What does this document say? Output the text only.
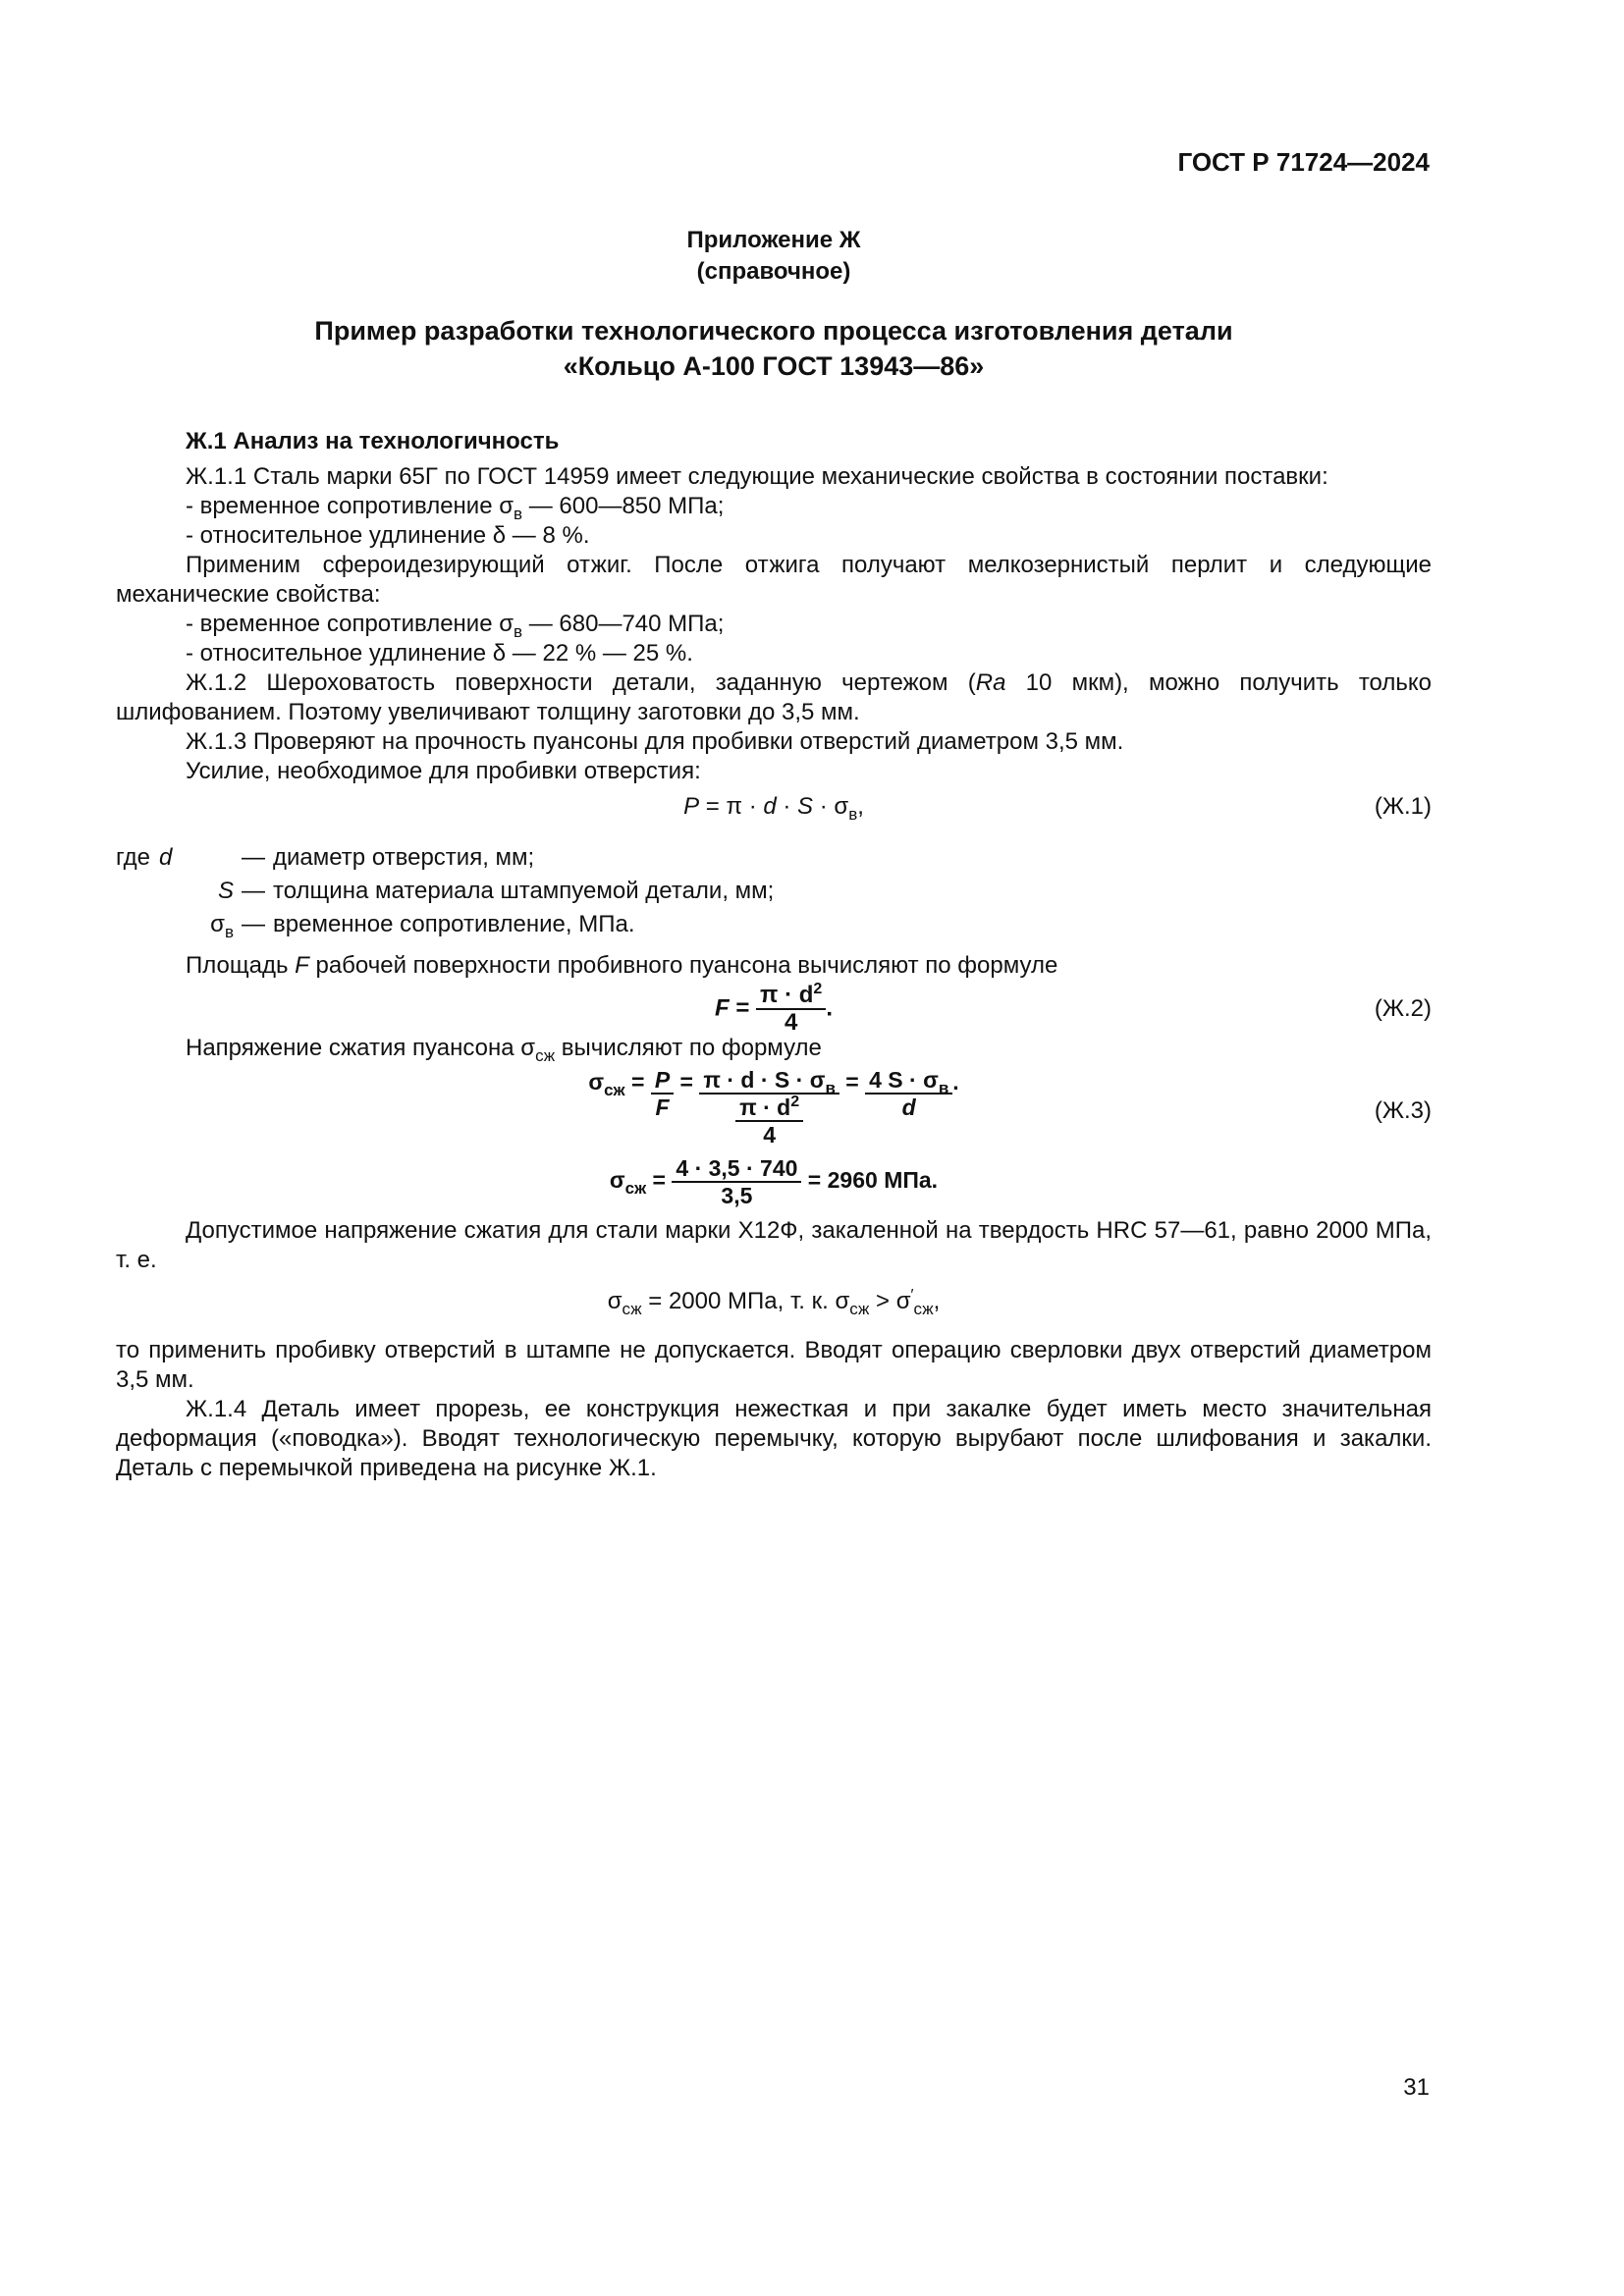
ГОСТ Р 71724—2024
Приложение Ж
(справочное)
Пример разработки технологического процесса изготовления детали
«Кольцо А-100 ГОСТ 13943—86»

Ж.1 Анализ на технологичность

Ж.1.1 Сталь марки 65Г по ГОСТ 14959 имеет следующие механические свойства в состоянии поставки:

- временное сопротивление $\sigma_в$ — 600—850 МПа;

- относительное удлинение δ — 8 %.

Применим сфероидезирующий отжиг. После отжига получают мелкозернистый перлит и следующие механические свойства:

- временное сопротивление $\sigma_в$ — 680—740 МПа;

- относительное удлинение δ — 22 % — 25 %.

Ж.1.2 Шероховатость поверхности детали, заданную чертежом (Ra 10 мкм), можно получить только шлифованием. Поэтому увеличивают толщину заготовки до 3,5 мм.

Ж.1.3 Проверяют на прочность пуансоны для пробивки отверстий диаметром 3,5 мм.

Усилие, необходимое для пробивки отверстия:

$P = \pi \cdot d \cdot S \cdot \sigma_в$,	(Ж.1)
где d	— диаметр отверстия, мм;
S — толщина материала штампуемой детали, мм;
$\sigma_в$ — временное сопротивление, МПа.

Площадь F рабочей поверхности пробивного пуансона вычисляют по формуле

$F = \frac{\pi \cdot d^2}{4}$ .	(Ж.2)

Напряжение сжатия пуансона $\sigma_{сж}$ вычисляют по формуле

$\sigma_{сж} = \frac{P}{F} = \frac{\pi \cdot d \cdot S \cdot \sigma_в}{\frac{\pi \cdot d^2}{4}} = \frac{4 S \cdot \sigma_в}{d}$ .
(Ж.3)
$\sigma_{сж} = \frac{4 \cdot 3,5 \cdot 740}{3,5} = 2960$ МПа.

Допустимое напряжение сжатия для стали марки Х12Ф, закаленной на твердость HRC 57—61, равно 2000 МПа, т. е.

$\sigma_{сж} = 2000$ МПа, т. к. $\sigma_{сж} > \sigma'_{сж}$,

то применить пробивку отверстий в штампе не допускается. Вводят операцию сверловки двух отверстий диаметром 3,5 мм.

Ж.1.4 Деталь имеет прорезь, ее конструкция нежесткая и при закалке будет иметь место значительная деформация («поводка»). Вводят технологическую перемычку, которую вырубают после шлифования и закалки. Деталь с перемычкой приведена на рисунке Ж.1.

31
